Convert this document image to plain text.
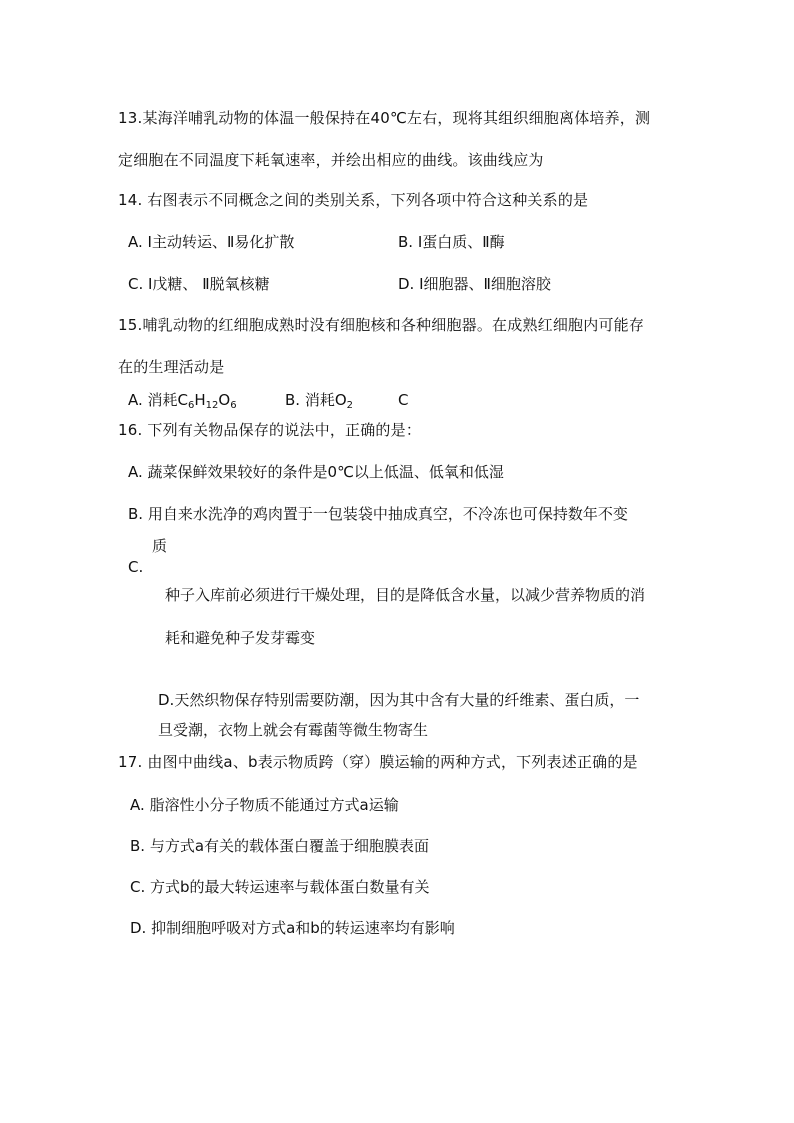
13.某海洋哺乳动物的体温一般保持在40℃左右，现将其组织细胞离体培养，测
定细胞在不同温度下耗氧速率，并绘出相应的曲线。该曲线应为
14. 右图表示不同概念之间的类别关系，下列各项中符合这种关系的是
A. Ⅰ主动转运、Ⅱ易化扩散	B. Ⅰ蛋白质、Ⅱ酶
C. Ⅰ戊糖、 Ⅱ脱氧核糖	D. Ⅰ细胞器、Ⅱ细胞溶胶
15.哺乳动物的红细胞成熟时没有细胞核和各种细胞器。在成熟红细胞内可能存
在的生理活动是
A. 消耗$C_6H_{12}O_6$	B. 消耗$O_2$	C
16. 下列有关物品保存的说法中，正确的是：
A. 蔬菜保鲜效果较好的条件是0℃以上低温、低氧和低湿
B. 用自来水洗净的鸡肉置于一包装袋中抽成真空，不冷冻也可保持数年不变
质
C.
种子入库前必须进行干燥处理，目的是降低含水量，以减少营养物质的消
耗和避免种子发芽霉变
D.天然织物保存特别需要防潮，因为其中含有大量的纤维素、蛋白质，一
旦受潮，衣物上就会有霉菌等微生物寄生
17. 由图中曲线a、b表示物质跨（穿）膜运输的两种方式，下列表述正确的是
A. 脂溶性小分子物质不能通过方式a运输
B. 与方式a有关的载体蛋白覆盖于细胞膜表面
C. 方式b的最大转运速率与载体蛋白数量有关
D. 抑制细胞呼吸对方式a和b的转运速率均有影响
